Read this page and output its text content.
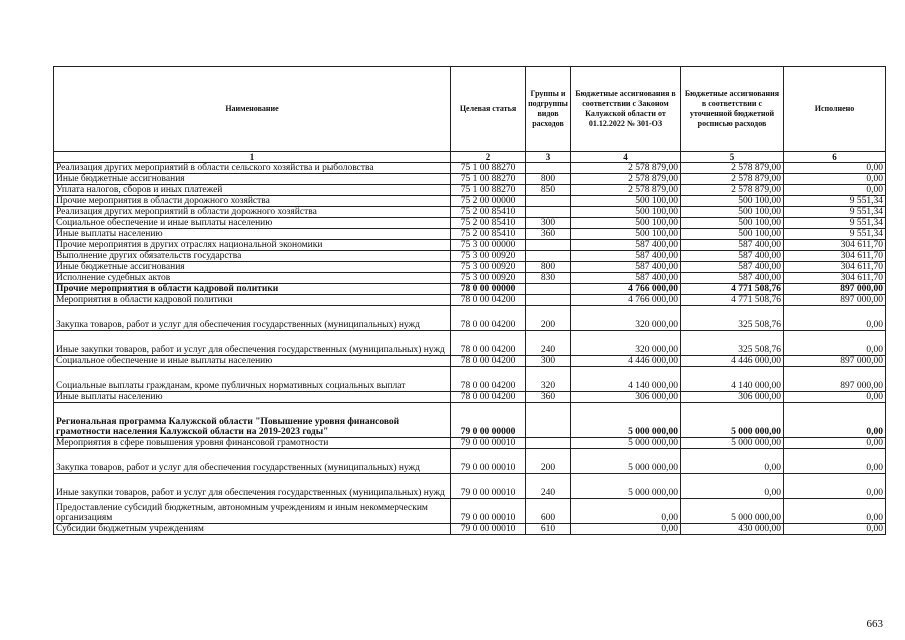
Наименование	Целевая статья	Группы и подгруппы видов расходов	Бюджетные ассигнования в соответствии с Законом Калужской области от 01.12.2022 № 301-ОЗ	Бюджетные ассигнования в соответствии с уточненной бюджетной росписью расходов	Исполнено
1	2	3	4	5	6
Реализация других мероприятий в области сельского хозяйства и рыболовства	75 1 00 88270		2 578 879,00	2 578 879,00	0,00
Иные бюджетные ассигнования	75 1 00 88270	800	2 578 879,00	2 578 879,00	0,00
Уплата налогов, сборов и иных платежей	75 1 00 88270	850	2 578 879,00	2 578 879,00	0,00
Прочие мероприятия в области дорожного хозяйства	75 2 00 00000		500 100,00	500 100,00	9 551,34
Реализация других мероприятий в области дорожного хозяйства	75 2 00 85410		500 100,00	500 100,00	9 551,34
Социальное обеспечение и иные выплаты населению	75 2 00 85410	300	500 100,00	500 100,00	9 551,34
Иные выплаты населению	75 2 00 85410	360	500 100,00	500 100,00	9 551,34
Прочие мероприятия в других отраслях национальной экономики	75 3 00 00000		587 400,00	587 400,00	304 611,70
Выполнение других обязательств государства	75 3 00 00920		587 400,00	587 400,00	304 611,70
Иные бюджетные ассигнования	75 3 00 00920	800	587 400,00	587 400,00	304 611,70
Исполнение судебных актов	75 3 00 00920	830	587 400,00	587 400,00	304 611,70
Прочие мероприятия в области кадровой политики	78 0 00 00000		4 766 000,00	4 771 508,76	897 000,00
Мероприятия в области кадровой политики	78 0 00 04200		4 766 000,00	4 771 508,76	897 000,00
Закупка товаров, работ и услуг для обеспечения государственных (муниципальных) нужд	78 0 00 04200	200	320 000,00	325 508,76	0,00
Иные закупки товаров, работ и услуг для обеспечения государственных (муниципальных) нужд	78 0 00 04200	240	320 000,00	325 508,76	0,00
Социальное обеспечение и иные выплаты населению	78 0 00 04200	300	4 446 000,00	4 446 000,00	897 000,00
Социальные выплаты гражданам, кроме публичных нормативных социальных выплат	78 0 00 04200	320	4 140 000,00	4 140 000,00	897 000,00
Иные выплаты населению	78 0 00 04200	360	306 000,00	306 000,00	0,00
Региональная программа Калужской области "Повышение уровня финансовой грамотности населения Калужской области на 2019-2023 годы"	79 0 00 00000		5 000 000,00	5 000 000,00	0,00
Мероприятия в сфере повышения уровня финансовой грамотности	79 0 00 00010		5 000 000,00	5 000 000,00	0,00
Закупка товаров, работ и услуг для обеспечения государственных (муниципальных) нужд	79 0 00 00010	200	5 000 000,00	0,00	0,00
Иные закупки товаров, работ и услуг для обеспечения государственных (муниципальных) нужд	79 0 00 00010	240	5 000 000,00	0,00	0,00
Предоставление субсидий бюджетным, автономным учреждениям и иным некоммерческим организациям	79 0 00 00010	600	0,00	5 000 000,00	0,00
Субсидии бюджетным учреждениям	79 0 00 00010	610	0,00	430 000,00	0,00
663
